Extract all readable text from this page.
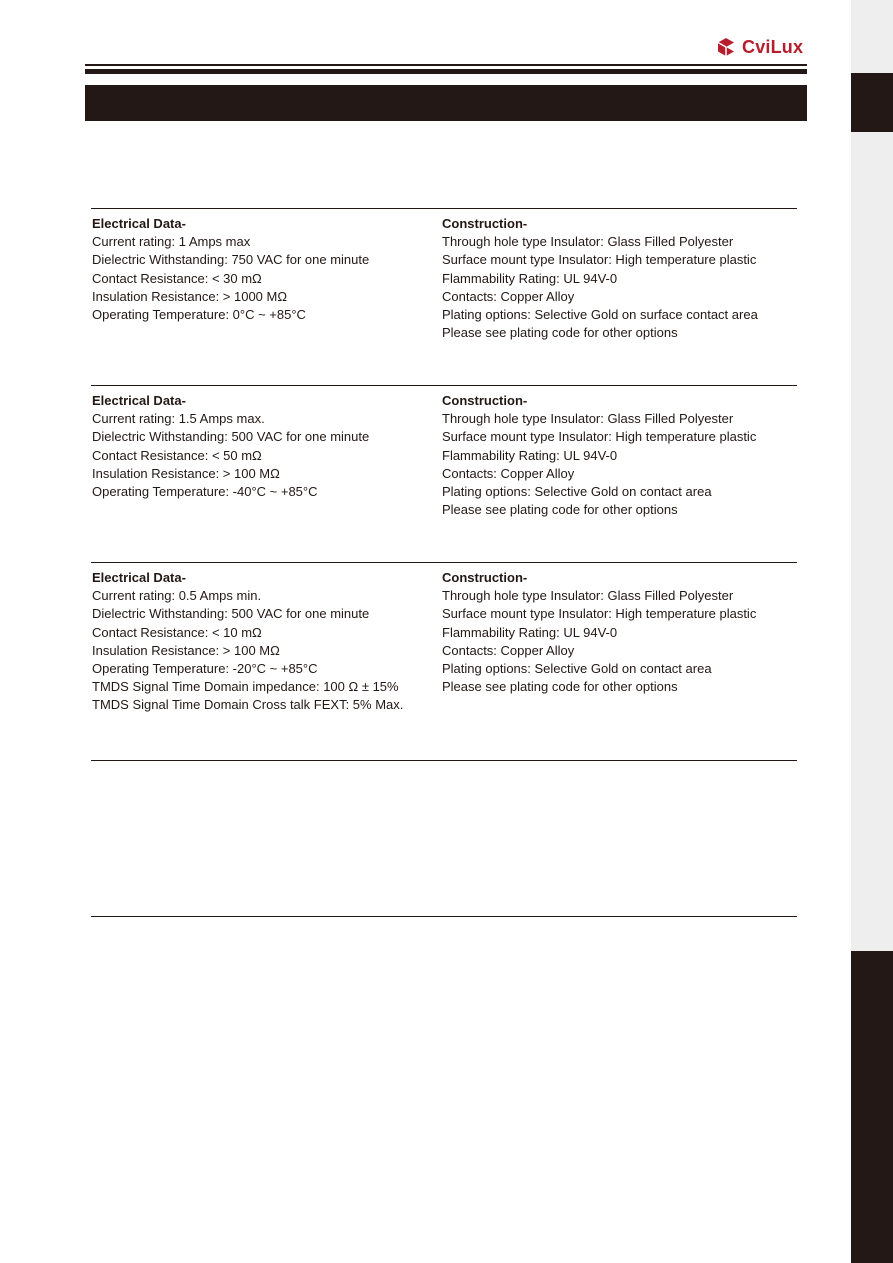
CviLux
Electrical Data-
Current rating: 1 Amps max
Dielectric Withstanding: 750 VAC for one minute
Contact Resistance: < 30 mΩ
Insulation Resistance: > 1000 MΩ
Operating Temperature: 0°C ~ +85°C
Construction-
Through hole type Insulator: Glass Filled Polyester
Surface mount type Insulator: High temperature plastic
Flammability Rating: UL 94V-0
Contacts: Copper Alloy
Plating options: Selective Gold on surface contact area
Please see plating code for other options
Electrical Data-
Current rating: 1.5 Amps max.
Dielectric Withstanding: 500 VAC for one minute
Contact Resistance: < 50 mΩ
Insulation Resistance: > 100 MΩ
Operating Temperature: -40°C ~ +85°C
Construction-
Through hole type Insulator: Glass Filled Polyester
Surface mount type Insulator: High temperature plastic
Flammability Rating: UL 94V-0
Contacts: Copper Alloy
Plating options: Selective Gold on contact area
Please see plating code for other options
Electrical Data-
Current rating: 0.5 Amps min.
Dielectric Withstanding: 500 VAC for one minute
Contact Resistance: < 10 mΩ
Insulation Resistance: > 100 MΩ
Operating Temperature: -20°C ~ +85°C
TMDS Signal Time Domain impedance: 100 Ω ± 15%
TMDS Signal Time Domain Cross talk FEXT: 5% Max.
Construction-
Through hole type Insulator: Glass Filled Polyester
Surface mount type Insulator: High temperature plastic
Flammability Rating: UL 94V-0
Contacts: Copper Alloy
Plating options: Selective Gold on contact area
Please see plating code for other options
